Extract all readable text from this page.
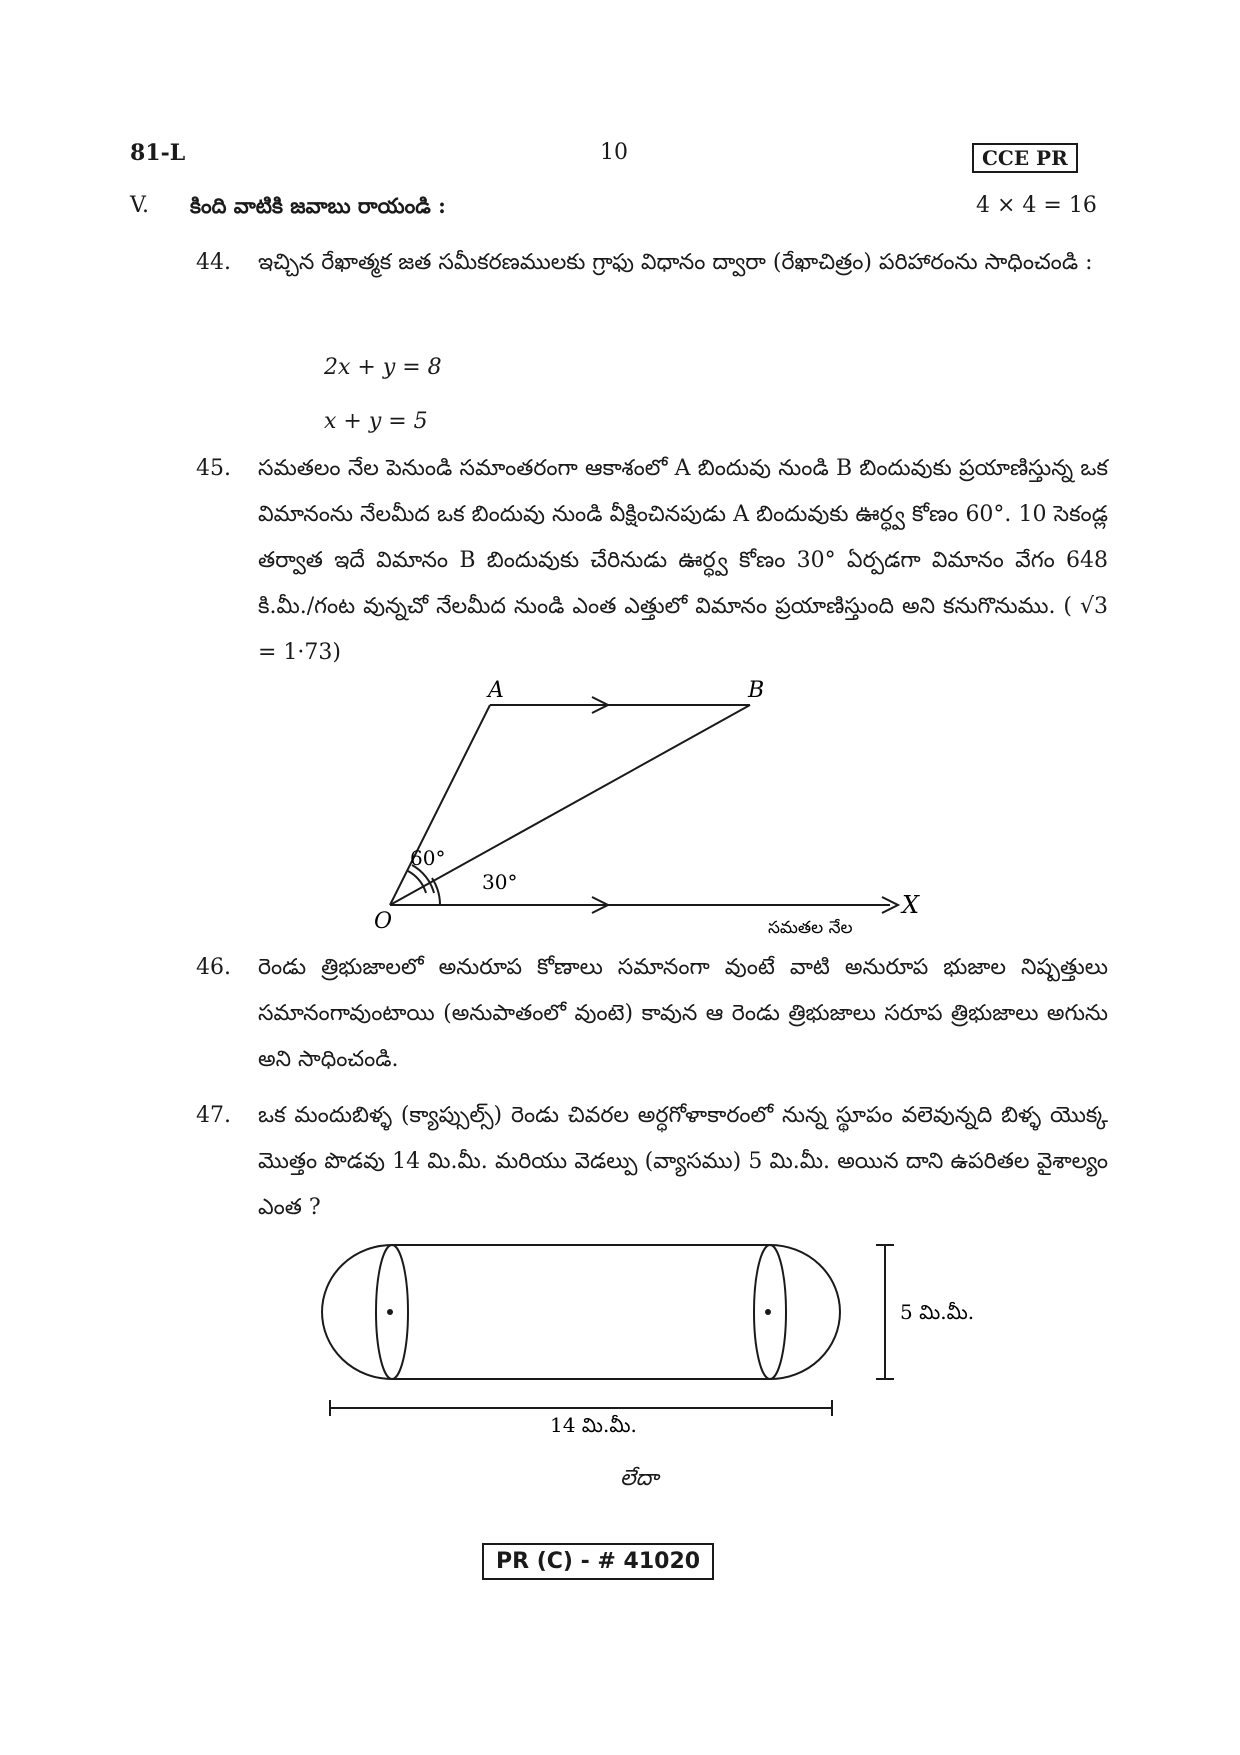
81-L	10	CCE PR
V. కింది వాటికి జవాబు రాయండి :	4 × 4 = 16
44. ఇచ్చిన రేఖాత్మక జత సమీకరణములకు గ్రాఫు విధానం ద్వారా (రేఖాచిత్రం) పరిహారంను సాధించండి :
2x + y = 8
x + y = 5
45. సమతలం నేల పెనుండి సమాంతరంగా ఆకాశంలో A బిందువు నుండి B బిందువుకు ప్రయాణిస్తున్న ఒక విమానంను నేలమీద ఒక బిందువు నుండి వీక్షించినపుడు A బిందువుకు ఊర్ధ్వ కోణం 60°. 10 సెకండ్ల తర్వాత ఇదే విమానం B బిందువుకు చేరినుడు ఊర్ధ్వ కోణం 30° ఏర్పడగా విమానం వేగం 648 కి.మీ./గంట వున్నచో నేలమీద నుండి ఎంత ఎత్తులో విమానం ప్రయాణిస్తుంది అని కనుగొనుము. ( √3 = 1·73)
A	B
O
X
60°
30°
సమతల నేల
46. రెండు త్రిభుజాలలో అనురూప కోణాలు సమానంగా వుంటే వాటి అనురూప భుజాల నిష్పత్తులు సమానంగావుంటాయి (అనుపాతంలో వుంటె) కావున ఆ రెండు త్రిభుజాలు సరూప త్రిభుజాలు అగును అని సాధించండి.
47. ఒక మందుబిళ్ళ (క్యాప్సుల్స్) రెండు చివరల అర్ధగోళాకారంలో నున్న స్థూపం వలెవున్నది బిళ్ళ యొక్క మొత్తం పొడవు 14 మి.మీ. మరియు వెడల్పు (వ్యాసము) 5 మి.మీ. అయిన దాని ఉపరితల వైశాల్యం ఎంత ?
5 మి.మీ.
14 మి.మీ.
లేదా
PR (C) - # 41020
